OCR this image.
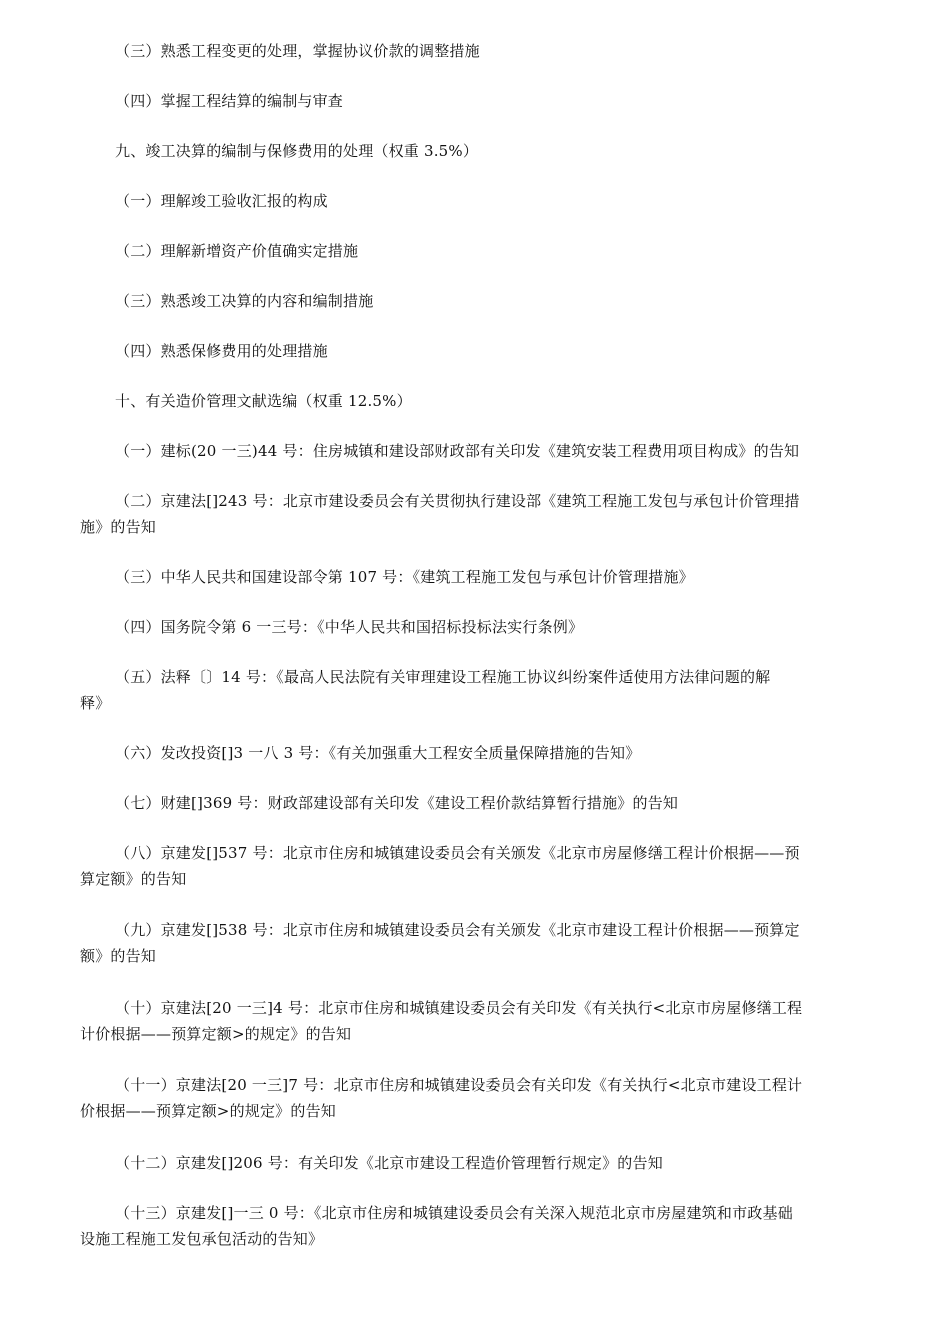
（三）熟悉工程变更的处理，掌握协议价款的调整措施
（四）掌握工程结算的编制与审查
九、竣工决算的编制与保修费用的处理（权重 3.5%）
（一）理解竣工验收汇报的构成
（二）理解新增资产价值确实定措施
（三）熟悉竣工决算的内容和编制措施
（四）熟悉保修费用的处理措施
十、有关造价管理文献选编（权重 12.5%）
（一）建标(20 一三)44 号：住房城镇和建设部财政部有关印发《建筑安装工程费用项目构成》的告知
（二）京建法[]243 号：北京市建设委员会有关贯彻执行建设部《建筑工程施工发包与承包计价管理措
施》的告知
（三）中华人民共和国建设部令第 107 号：《建筑工程施工发包与承包计价管理措施》
（四）国务院令第 6 一三号：《中华人民共和国招标投标法实行条例》
（五）法释〔〕14 号：《最高人民法院有关审理建设工程施工协议纠纷案件适使用方法律问题的解
释》
（六）发改投资[]3 一八 3 号：《有关加强重大工程安全质量保障措施的告知》
（七）财建[]369 号：财政部建设部有关印发《建设工程价款结算暂行措施》的告知
（八）京建发[]537 号：北京市住房和城镇建设委员会有关颁发《北京市房屋修缮工程计价根据——预
算定额》的告知
（九）京建发[]538 号：北京市住房和城镇建设委员会有关颁发《北京市建设工程计价根据——预算定
额》的告知
（十）京建法[20 一三]4 号：北京市住房和城镇建设委员会有关印发《有关执行<北京市房屋修缮工程
计价根据——预算定额>的规定》的告知
（十一）京建法[20 一三]7 号：北京市住房和城镇建设委员会有关印发《有关执行<北京市建设工程计
价根据——预算定额>的规定》的告知
（十二）京建发[]206 号：有关印发《北京市建设工程造价管理暂行规定》的告知
（十三）京建发[]一三 0 号：《北京市住房和城镇建设委员会有关深入规范北京市房屋建筑和市政基础
设施工程施工发包承包活动的告知》
